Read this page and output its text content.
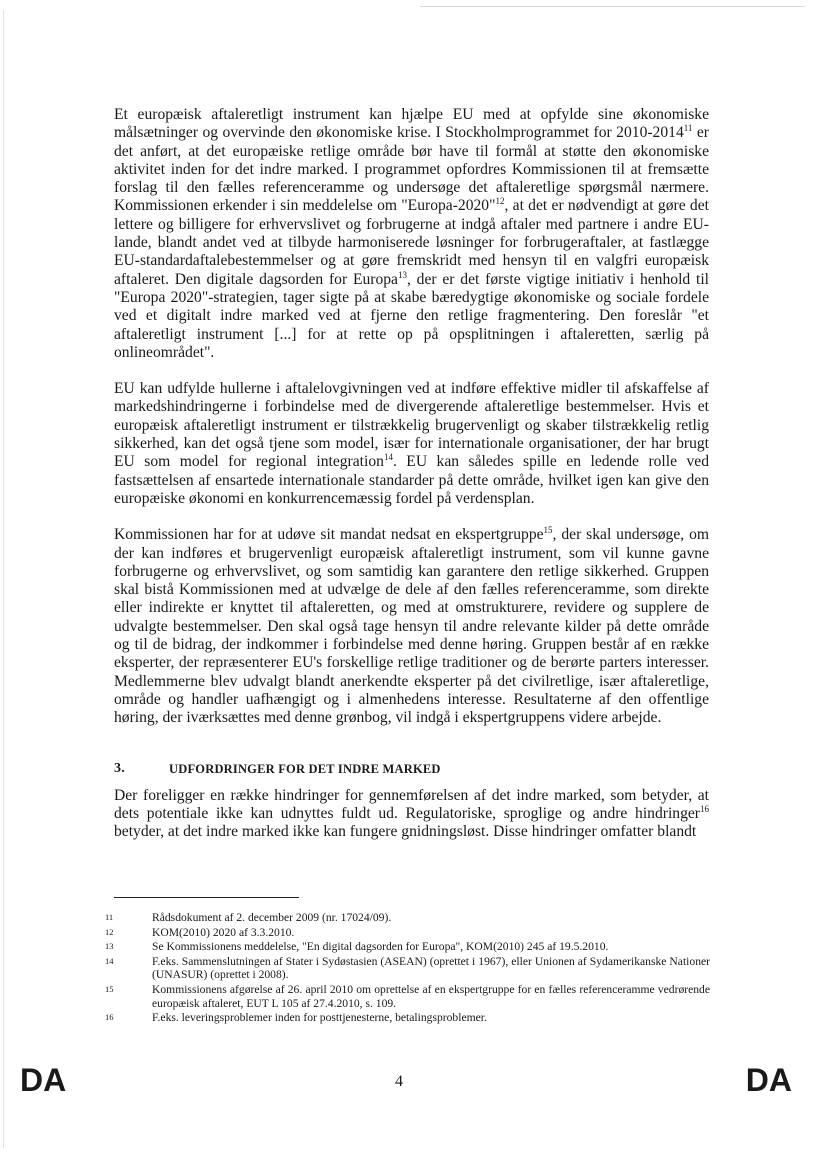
Et europæisk aftaleretligt instrument kan hjælpe EU med at opfylde sine økonomiske målsætninger og overvinde den økonomiske krise. I Stockholmprogrammet for 2010-2014$^{11}$ er det anført, at det europæiske retlige område bør have til formål at støtte den økonomiske aktivitet inden for det indre marked. I programmet opfordres Kommissionen til at fremsætte forslag til den fælles referenceramme og undersøge det aftaleretlige spørgsmål nærmere. Kommissionen erkender i sin meddelelse om "Europa-2020"$^{12}$, at det er nødvendigt at gøre det lettere og billigere for erhvervslivet og forbrugerne at indgå aftaler med partnere i andre EU-lande, blandt andet ved at tilbyde harmoniserede løsninger for forbrugeraftaler, at fastlægge EU-standardaftalebestemmelser og at gøre fremskridt med hensyn til en valgfri europæisk aftaleret. Den digitale dagsorden for Europa$^{13}$, der er det første vigtige initiativ i henhold til "Europa 2020"-strategien, tager sigte på at skabe bæredygtige økonomiske og sociale fordele ved et digitalt indre marked ved at fjerne den retlige fragmentering. Den foreslår "et aftaleretligt instrument [...] for at rette op på opsplitningen i aftaleretten, særlig på onlineområdet".

EU kan udfylde hullerne i aftalelovgivningen ved at indføre effektive midler til afskaffelse af markedshindringerne i forbindelse med de divergerende aftaleretlige bestemmelser. Hvis et europæisk aftaleretligt instrument er tilstrækkelig brugervenligt og skaber tilstrækkelig retlig sikkerhed, kan det også tjene som model, især for internationale organisationer, der har brugt EU som model for regional integration$^{14}$. EU kan således spille en ledende rolle ved fastsættelsen af ensartede internationale standarder på dette område, hvilket igen kan give den europæiske økonomi en konkurrencemæssig fordel på verdensplan.

Kommissionen har for at udøve sit mandat nedsat en ekspertgruppe$^{15}$, der skal undersøge, om der kan indføres et brugervenligt europæisk aftaleretligt instrument, som vil kunne gavne forbrugerne og erhvervslivet, og som samtidig kan garantere den retlige sikkerhed. Gruppen skal bistå Kommissionen med at udvælge de dele af den fælles referenceramme, som direkte eller indirekte er knyttet til aftaleretten, og med at omstrukturere, revidere og supplere de udvalgte bestemmelser. Den skal også tage hensyn til andre relevante kilder på dette område og til de bidrag, der indkommer i forbindelse med denne høring. Gruppen består af en række eksperter, der repræsenterer EU's forskellige retlige traditioner og de berørte parters interesser. Medlemmerne blev udvalgt blandt anerkendte eksperter på det civilretlige, især aftaleretlige, område og handler uafhængigt og i almenhedens interesse. Resultaterne af den offentlige høring, der iværksættes med denne grønbog, vil indgå i ekspertgruppens videre arbejde.

3.	UDFORDRINGER FOR DET INDRE MARKED

Der foreligger en række hindringer for gennemførelsen af det indre marked, som betyder, at dets potentiale ikke kan udnyttes fuldt ud. Regulatoriske, sproglige og andre hindringer$^{16}$ betyder, at det indre marked ikke kan fungere gnidningsløst. Disse hindringer omfatter blandt

11	Rådsdokument af 2. december 2009 (nr. 17024/09).
12	KOM(2010) 2020 af 3.3.2010.
13	Se Kommissionens meddelelse, "En digital dagsorden for Europa", KOM(2010) 245 af 19.5.2010.
14	F.eks. Sammenslutningen af Stater i Sydøstasien (ASEAN) (oprettet i 1967), eller Unionen af Sydamerikanske Nationer (UNASUR) (oprettet i 2008).
15	Kommissionens afgørelse af 26. april 2010 om oprettelse af en ekspertgruppe for en fælles referenceramme vedrørende europæisk aftaleret, EUT L 105 af 27.4.2010, s. 109.
16	F.eks. leveringsproblemer inden for posttjenesterne, betalingsproblemer.
DA	4	DA
